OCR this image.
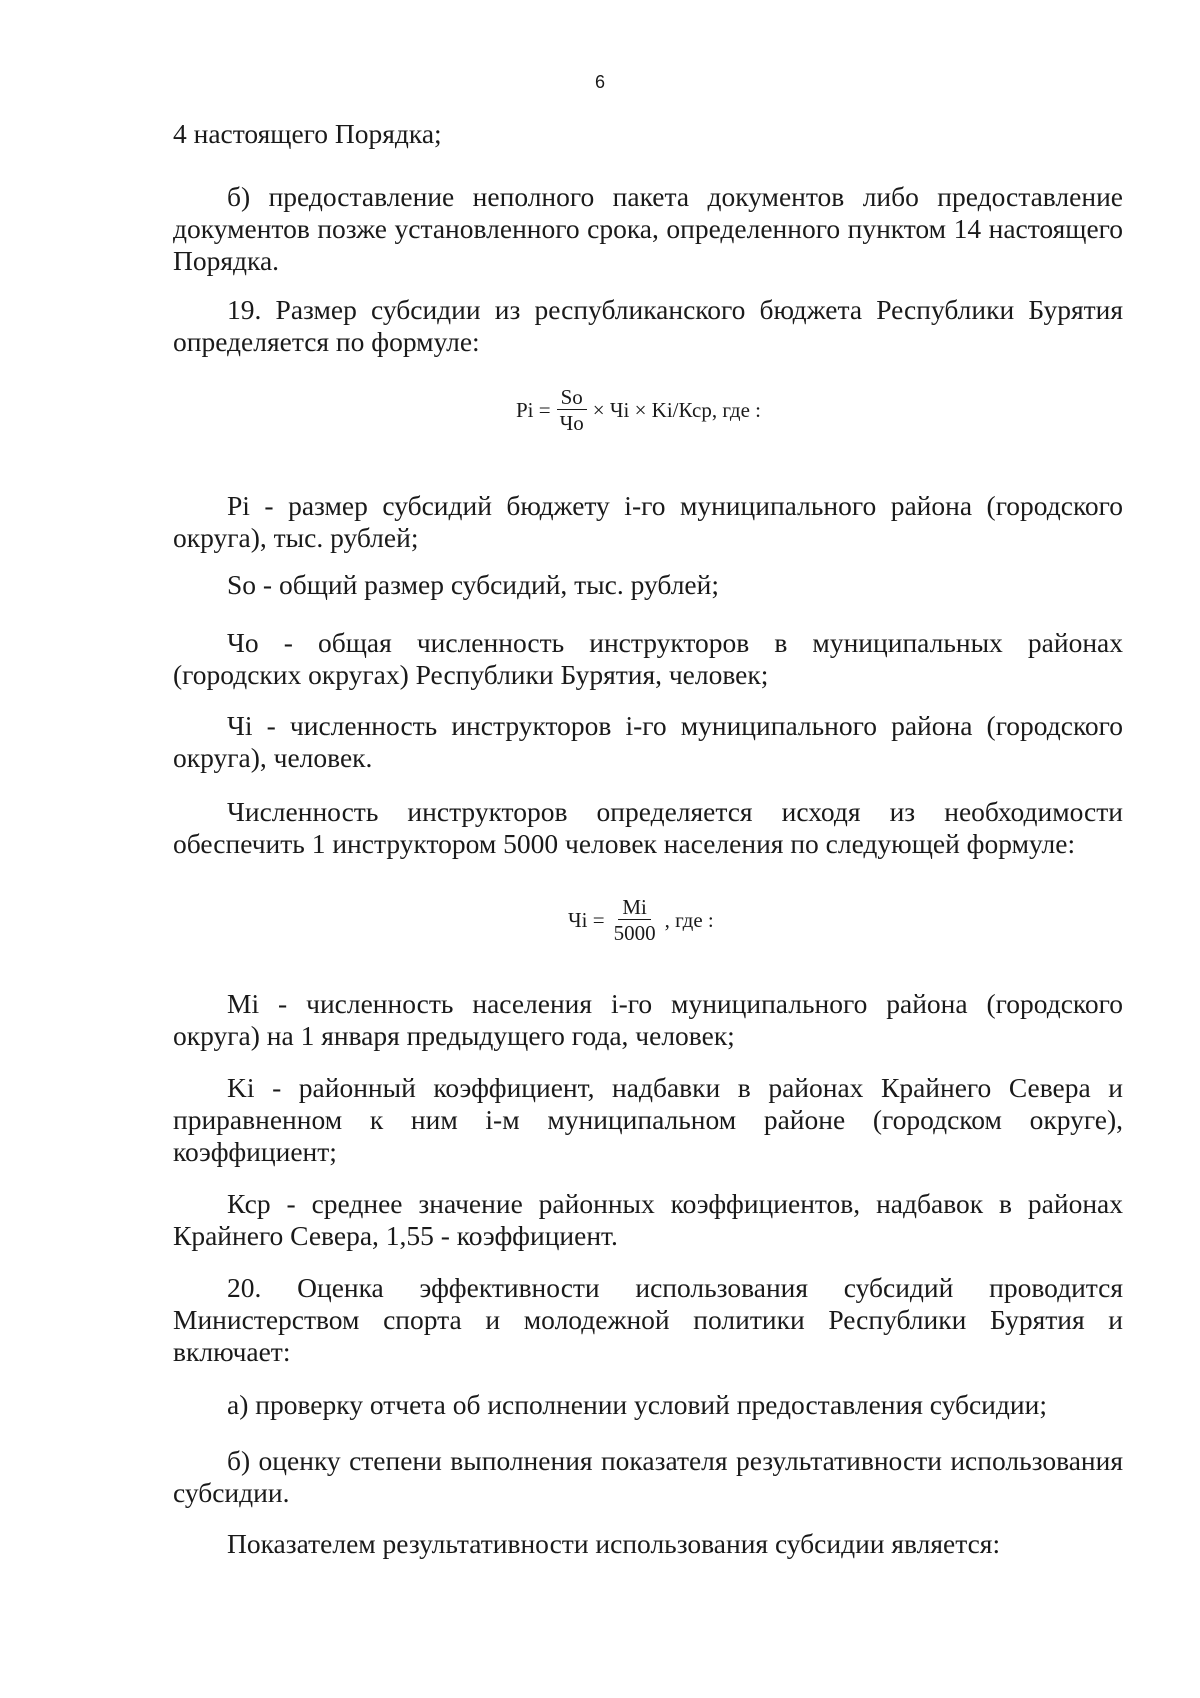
6

4 настоящего Порядка;

б) предоставление неполного пакета документов либо предоставление документов позже установленного срока, определенного пунктом 14 настоящего Порядка.

19. Размер субсидии из республиканского бюджета Республики Бурятия определяется по формуле:

$Pi = \frac{So}{Чо}$ × Чi × Ki/Кср, где :

Pi - размер субсидий бюджету i-го муниципального района (городского округа), тыс. рублей;

So - общий размер субсидий, тыс. рублей;

Чо - общая численность инструкторов в муниципальных районах (городских округах) Республики Бурятия, человек;

Чi - численность инструкторов i-го муниципального района (городского округа), человек.

Численность инструкторов определяется исходя из необходимости обеспечить 1 инструктором 5000 человек населения по следующей формуле:

Чi = $\frac{Mi}{5000}$ , где :

Mi - численность населения i-го муниципального района (городского округа) на 1 января предыдущего года, человек;

Ki - районный коэффициент, надбавки в районах Крайнего Севера и приравненном к ним i-м муниципальном районе (городском округе), коэффициент;

Кср - среднее значение районных коэффициентов, надбавок в районах Крайнего Севера, 1,55 - коэффициент.

20. Оценка эффективности использования субсидий проводится Министерством спорта и молодежной политики Республики Бурятия и включает:

а) проверку отчета об исполнении условий предоставления субсидии;

б) оценку степени выполнения показателя результативности использования субсидии.

Показателем результативности использования субсидии является:
